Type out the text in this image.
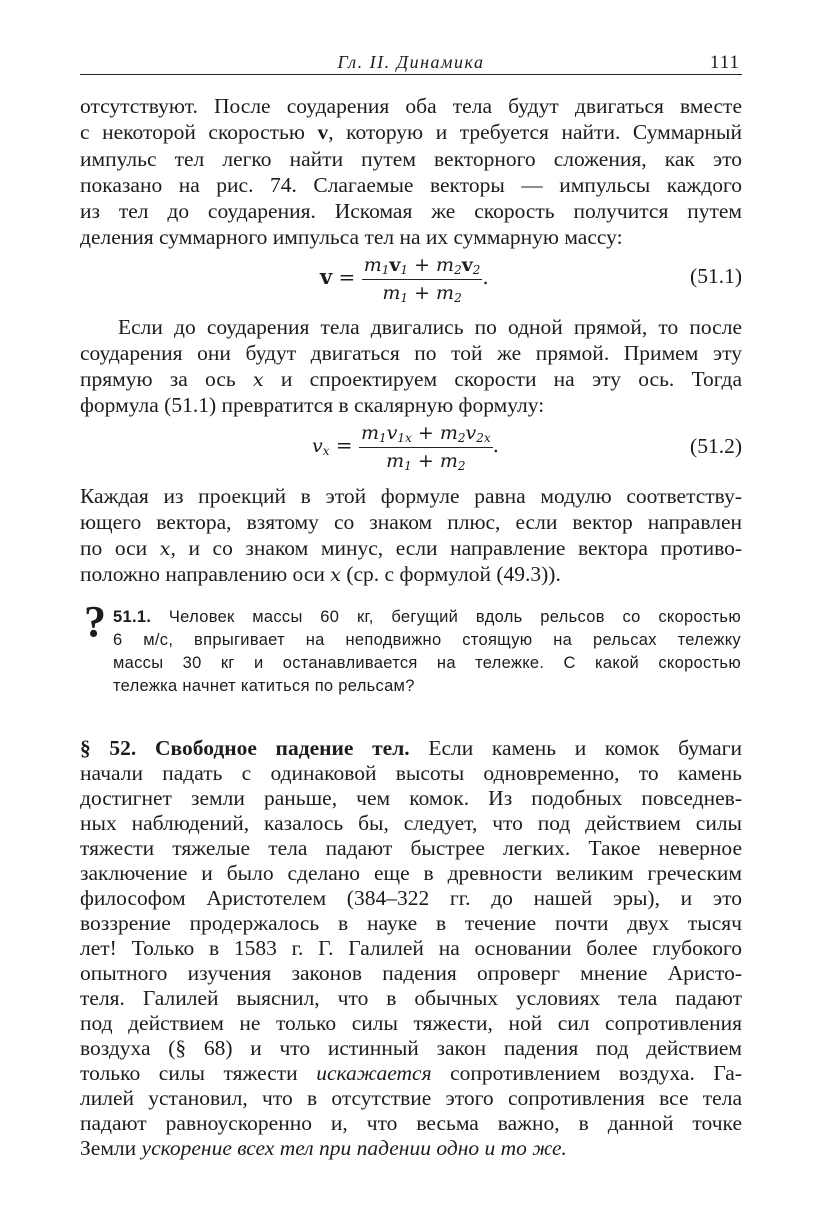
Гл. II. Динамика	111
отсутствуют. После соударения оба тела будут двигаться вместе
с некоторой скоростью v, которую и требуется найти. Суммарный
импульс тел легко найти путем векторного сложения, как это
показано на рис. 74. Слагаемые векторы — импульсы каждого
из тел до соударения. Искомая же скорость получится путем
деления суммарного импульса тел на их суммарную массу:
$v = \frac{m_1v_1 + m_2v_2}{m_1 + m_2}$ .	(51.1)
Если до соударения тела двигались по одной прямой, то после
соударения они будут двигаться по той же прямой. Примем эту
прямую за ось x и спроектируем скорости на эту ось. Тогда
формула (51.1) превратится в скалярную формулу:
$v_x = \frac{m_1v_{1x} + m_2v_{2x}}{m_1 + m_2}$ .	(51.2)
Каждая из проекций в этой формуле равна модулю соответству-
ющего вектора, взятому со знаком плюс, если вектор направлен
по оси x, и со знаком минус, если направление вектора противо-
положно направлению оси x (ср. с формулой (49.3)).
? 51.1. Человек массы 60 кг, бегущий вдоль рельсов со скоростью
6 м/с, впрыгивает на неподвижно стоящую на рельсах тележку
массы 30 кг и останавливается на тележке. С какой скоростью
тележка начнет катиться по рельсам?
§ 52. Свободное падение тел. Если камень и комок бумаги
начали падать с одинаковой высоты одновременно, то камень
достигнет земли раньше, чем комок. Из подобных повседнев-
ных наблюдений, казалось бы, следует, что под действием силы
тяжести тяжелые тела падают быстрее легких. Такое неверное
заключение и было сделано еще в древности великим греческим
философом Аристотелем (384–322 гг. до нашей эры), и это
воззрение продержалось в науке в течение почти двух тысяч
лет! Только в 1583 г. Г. Галилей на основании более глубокого
опытного изучения законов падения опроверг мнение Аристо-
теля. Галилей выяснил, что в обычных условиях тела падают
под действием не только силы тяжести, ной сил сопротивления
воздуха (§ 68) и что истинный закон падения под действием
только силы тяжести искажается сопротивлением воздуха. Га-
лилей установил, что в отсутствие этого сопротивления все тела
падают равноускоренно и, что весьма важно, в данной точке
Земли ускорение всех тел при падении одно и то же.
